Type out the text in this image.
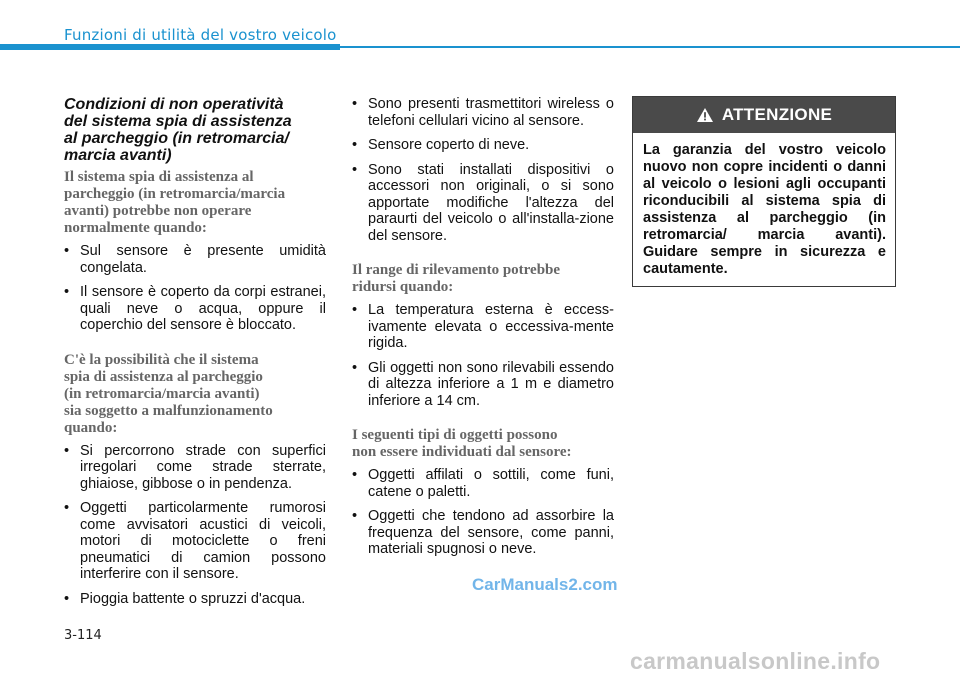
Funzioni di utilità del vostro veicolo
Condizioni di non operatività
del sistema spia di assistenza
al parcheggio (in retromarcia/
marcia avanti)
Il sistema spia di assistenza al
parcheggio (in retromarcia/marcia
avanti) potrebbe non operare
normalmente quando:
• Sul sensore è presente umidità congelata.
• Il sensore è coperto da corpi estranei, quali neve o acqua, oppure il coperchio del sensore è bloccato.
C'è la possibilità che il sistema
spia di assistenza al parcheggio
(in retromarcia/marcia avanti)
sia soggetto a malfunzionamento
quando:
• Si percorrono strade con superfici irregolari come strade sterrate, ghiaiose, gibbose o in pendenza.
• Oggetti particolarmente rumorosi come avvisatori acustici di veicoli, motori di motociclette o freni pneumatici di camion possono interferire con il sensore.
• Pioggia battente o spruzzi d'acqua.
• Sono presenti trasmettitori wireless o telefoni cellulari vicino al sensore.
• Sensore coperto di neve.
• Sono stati installati dispositivi o accessori non originali, o si sono apportate modifiche l'altezza del paraurti del veicolo o all'installa-zione del sensore.
Il range di rilevamento potrebbe
ridursi quando:
• La temperatura esterna è eccess-ivamente elevata o eccessiva-mente rigida.
• Gli oggetti non sono rilevabili essendo di altezza inferiore a 1 m e diametro inferiore a 14 cm.
I seguenti tipi di oggetti possono
non essere individuati dal sensore:
• Oggetti affilati o sottili, come funi, catene o paletti.
• Oggetti che tendono ad assorbire la frequenza del sensore, come panni, materiali spugnosi o neve.
ATTENZIONE
La garanzia del vostro veicolo nuovo non copre incidenti o danni al veicolo o lesioni agli occupanti riconducibili al sistema spia di assistenza al parcheggio (in retromarcia/ marcia avanti). Guidare sempre in sicurezza e cautamente.
3-114
CarManuals2.com
carmanualsonline.info
